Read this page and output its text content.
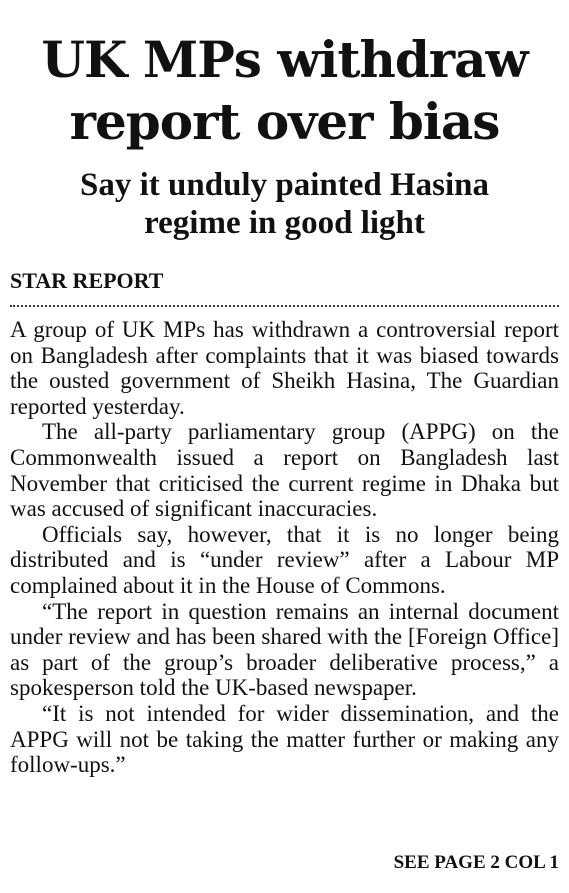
UK MPs withdraw
report over bias
Say it unduly painted Hasina
regime in good light
STAR REPORT

A group of UK MPs has withdrawn a controversial report on Bangladesh after complaints that it was biased towards the ousted government of Sheikh Hasina, The Guardian reported yesterday.

The all-party parliamentary group (APPG) on the Commonwealth issued a report on Bangladesh last November that criticised the current regime in Dhaka but was accused of significant inaccuracies.

Officials say, however, that it is no longer being distributed and is “under review” after a Labour MP complained about it in the House of Commons.

“The report in question remains an internal document under review and has been shared with the [Foreign Office] as part of the group’s broader deliberative process,” a spokesperson told the UK-based newspaper.

“It is not intended for wider dissemination, and the APPG will not be taking the matter further or making any follow-ups.”

SEE PAGE 2 COL 1
